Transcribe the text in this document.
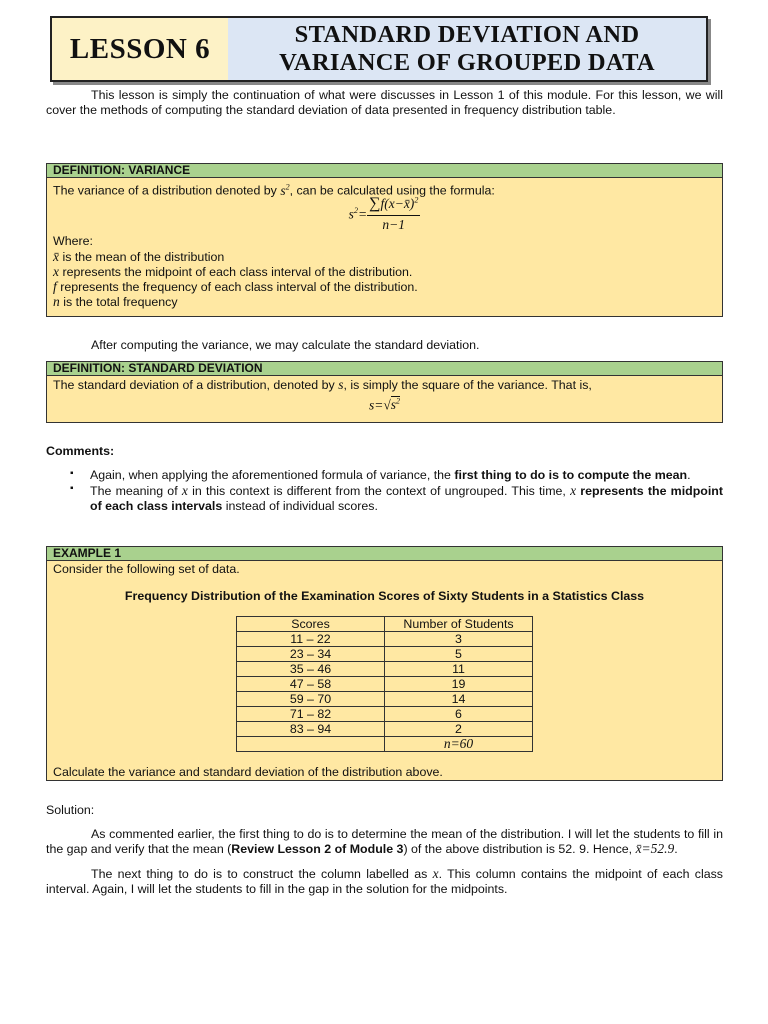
LESSON 6	STANDARD DEVIATION AND
VARIANCE OF GROUPED DATA

This lesson is simply the continuation of what were discusses in Lesson 1 of this module. For this lesson, we will cover the methods of computing the standard deviation of data presented in frequency distribution table.

DEFINITION: VARIANCE
The variance of a distribution denoted by $s^2$, can be calculated using the formula:
$s^2= \frac{\sum f(x-x̄)^2}{n-1}$
Where:
x̄ is the mean of the distribution
x represents the midpoint of each class interval of the distribution.
f represents the frequency of each class interval of the distribution.
n is the total frequency
After computing the variance, we may calculate the standard deviation.
DEFINITION: STANDARD DEVIATION
The standard deviation of a distribution, denoted by s, is simply the square of the variance. That is,
$s=√s^2$
Comments:
▪ Again, when applying the aforementioned formula of variance, the first thing to do is to compute the mean.
▪ The meaning of x in this context is different from the context of ungrouped. This time, x represents the midpoint of each class intervals instead of individual scores.
EXAMPLE 1
Consider the following set of data.
Frequency Distribution of the Examination Scores of Sixty Students in a Statistics Class
Scores	Number of Students
11 – 22	3
23 – 34	5
35 – 46	11
47 – 58	19
59 – 70	14
71 – 82	6
83 – 94	2
	n=60
Calculate the variance and standard deviation of the distribution above.
Solution:

As commented earlier, the first thing to do is to determine the mean of the distribution. I will let the students to fill in the gap and verify that the mean (Review Lesson 2 of Module 3) of the above distribution is 52. 9. Hence, x̄=52.9.

The next thing to do is to construct the column labelled as x. This column contains the midpoint of each class interval. Again, I will let the students to fill in the gap in the solution for the midpoints.
